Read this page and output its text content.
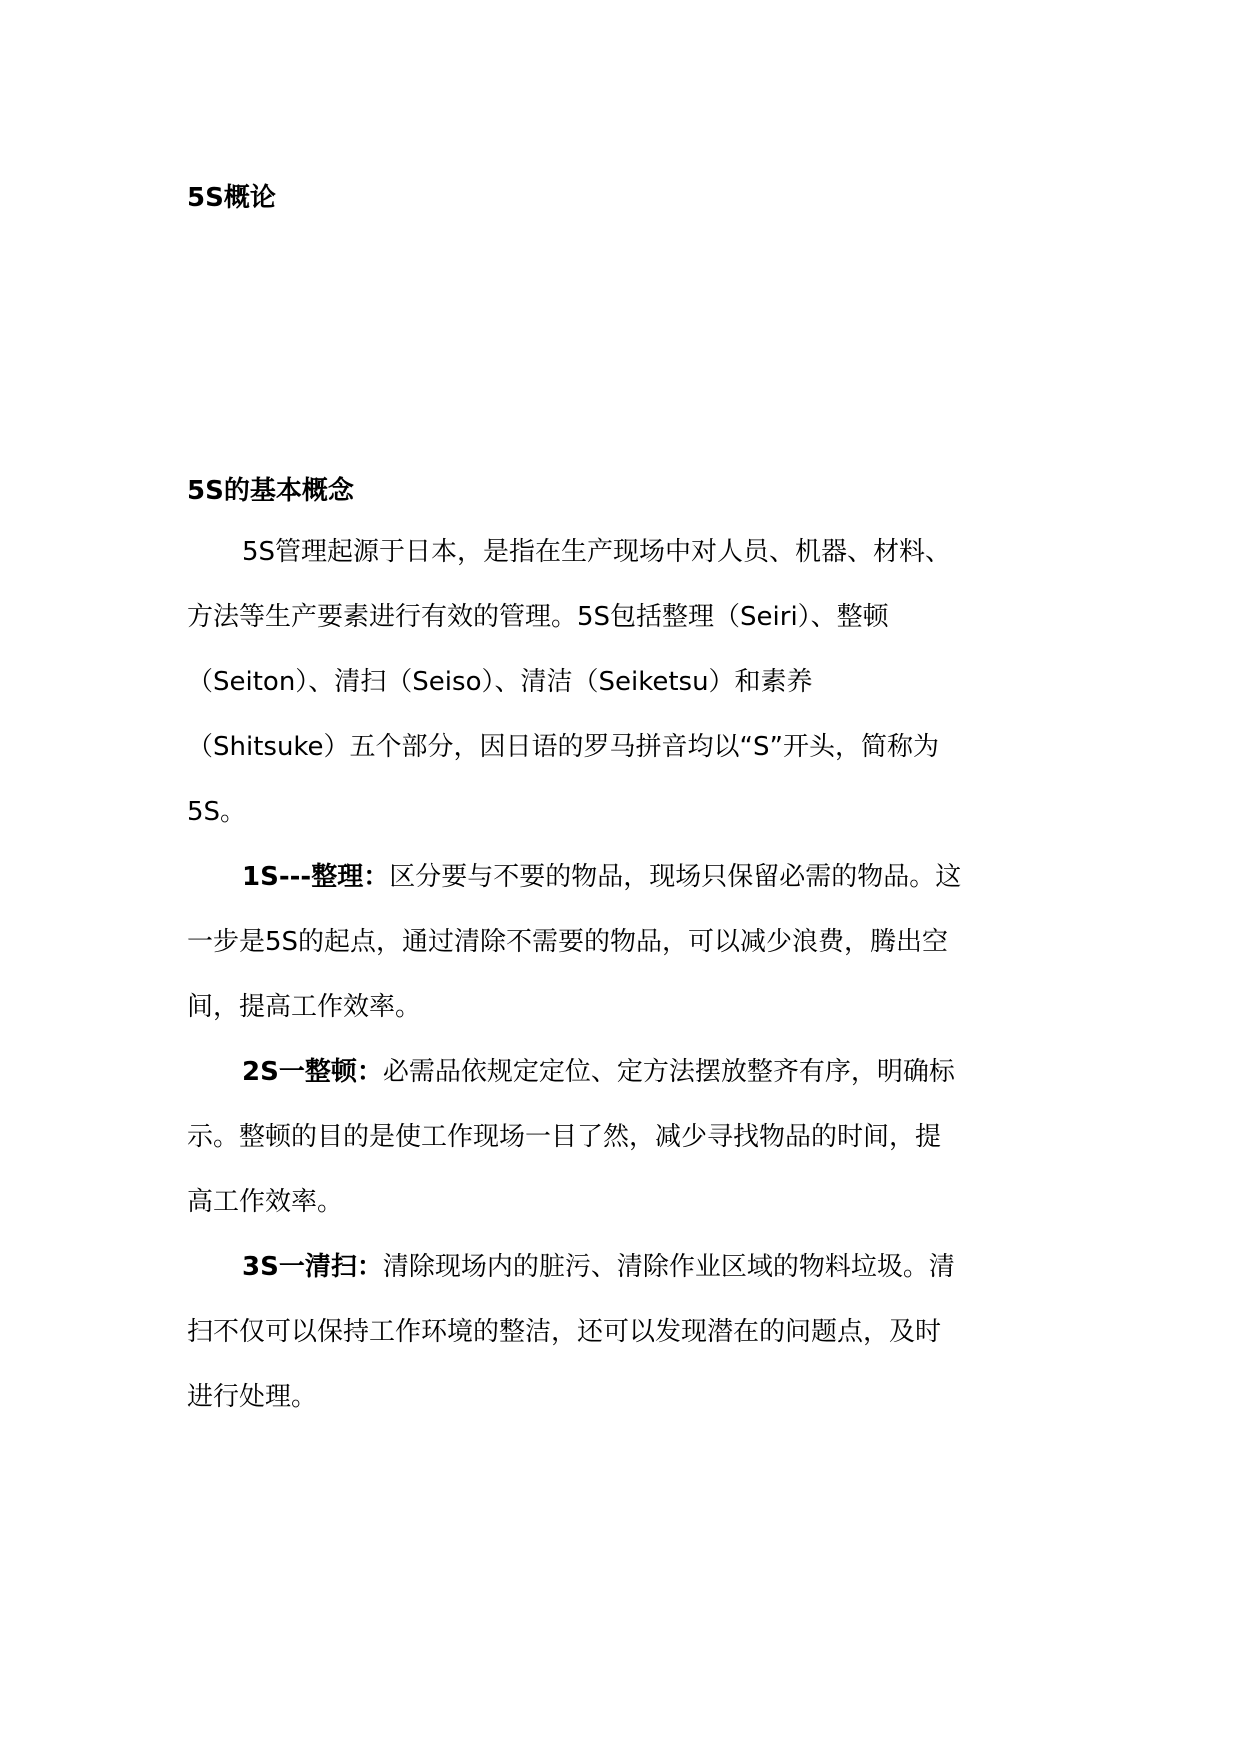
5S概论
5S的基本概念

5S管理起源于日本，是指在生产现场中对人员、机器、材料、
方法等生产要素进行有效的管理。5S包括整理（Seiri）、整顿
（Seiton）、清扫（Seiso）、清洁（Seiketsu）和素养
（Shitsuke）五个部分，因日语的罗马拼音均以“S”开头，简称为
5S。

1S---整理：区分要与不要的物品，现场只保留必需的物品。这
一步是5S的起点，通过清除不需要的物品，可以减少浪费，腾出空
间，提高工作效率。

2S一整顿：必需品依规定定位、定方法摆放整齐有序，明确标
示。整顿的目的是使工作现场一目了然，减少寻找物品的时间，提
高工作效率。

3S一清扫：清除现场内的脏污、清除作业区域的物料垃圾。清
扫不仅可以保持工作环境的整洁，还可以发现潜在的问题点，及时
进行处理。
